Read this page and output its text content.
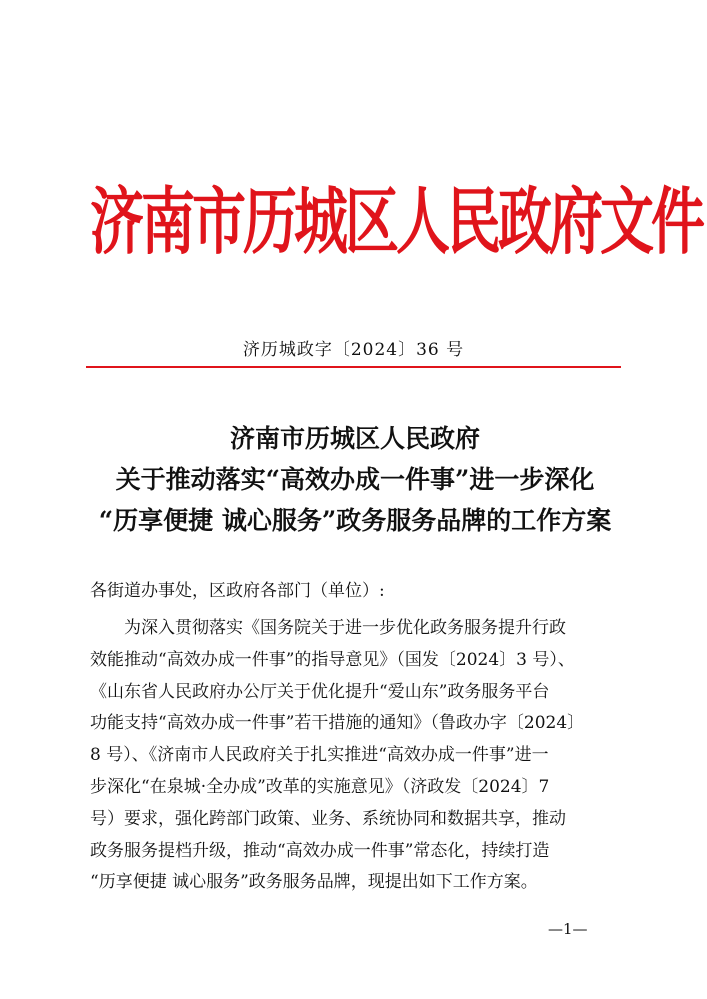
济南市历城区人民政府文件
济历城政字〔2024〕36 号
济南市历城区人民政府
关于推动落实“高效办成一件事”进一步深化
“历享便捷 诚心服务”政务服务品牌的工作方案
各街道办事处，区政府各部门（单位）:
　　为深入贯彻落实《国务院关于进一步优化政务服务提升行政
效能推动“高效办成一件事”的指导意见》（国发〔2024〕3 号）、
《山东省人民政府办公厅关于优化提升“爱山东”政务服务平台
功能支持“高效办成一件事”若干措施的通知》（鲁政办字〔2024〕
8 号）、《济南市人民政府关于扎实推进“高效办成一件事”进一
步深化“在泉城·全办成”改革的实施意见》（济政发〔2024〕7
号）要求，强化跨部门政策、业务、系统协同和数据共享，推动
政务服务提档升级，推动“高效办成一件事”常态化，持续打造
“历享便捷 诚心服务”政务服务品牌，现提出如下工作方案。
—1—
